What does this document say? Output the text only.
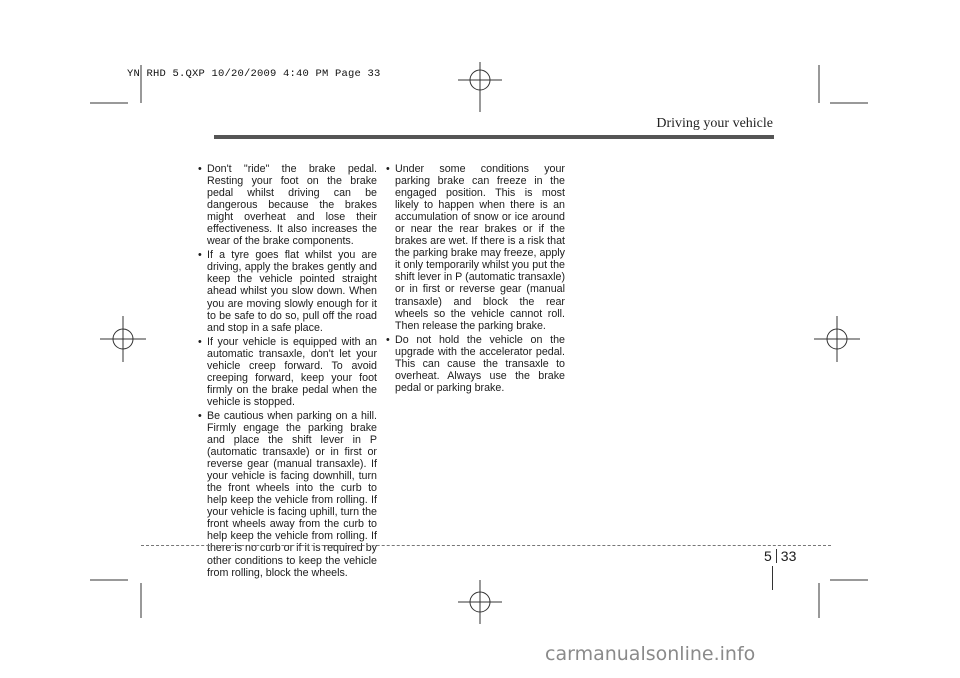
YN RHD 5.QXP 10/20/2009 4:40 PM Page 33
Driving your vehicle
• Don't "ride" the brake pedal. Resting your foot on the brake pedal whilst driving can be dangerous because the brakes might overheat and lose their effectiveness. It also increases the wear of the brake components.
• If a tyre goes flat whilst you are driving, apply the brakes gently and keep the vehicle pointed straight ahead whilst you slow down. When you are moving slowly enough for it to be safe to do so, pull off the road and stop in a safe place.
• If your vehicle is equipped with an automatic transaxle, don't let your vehicle creep forward. To avoid creeping forward, keep your foot firmly on the brake pedal when the vehicle is stopped.
• Be cautious when parking on a hill. Firmly engage the parking brake and place the shift lever in P (automatic transaxle) or in first or reverse gear (manual transaxle). If your vehicle is facing downhill, turn the front wheels into the curb to help keep the vehicle from rolling. If your vehicle is facing uphill, turn the front wheels away from the curb to help keep the vehicle from rolling. If there is no curb or if it is required by other conditions to keep the vehicle from rolling, block the wheels.
• Under some conditions your parking brake can freeze in the engaged position. This is most likely to happen when there is an accumulation of snow or ice around or near the rear brakes or if the brakes are wet. If there is a risk that the parking brake may freeze, apply it only temporarily whilst you put the shift lever in P (automatic transaxle) or in first or reverse gear (manual transaxle) and block the rear wheels so the vehicle cannot roll. Then release the parking brake.
• Do not hold the vehicle on the upgrade with the accelerator pedal. This can cause the transaxle to overheat. Always use the brake pedal or parking brake.
5 33
carmanualsonline.info
